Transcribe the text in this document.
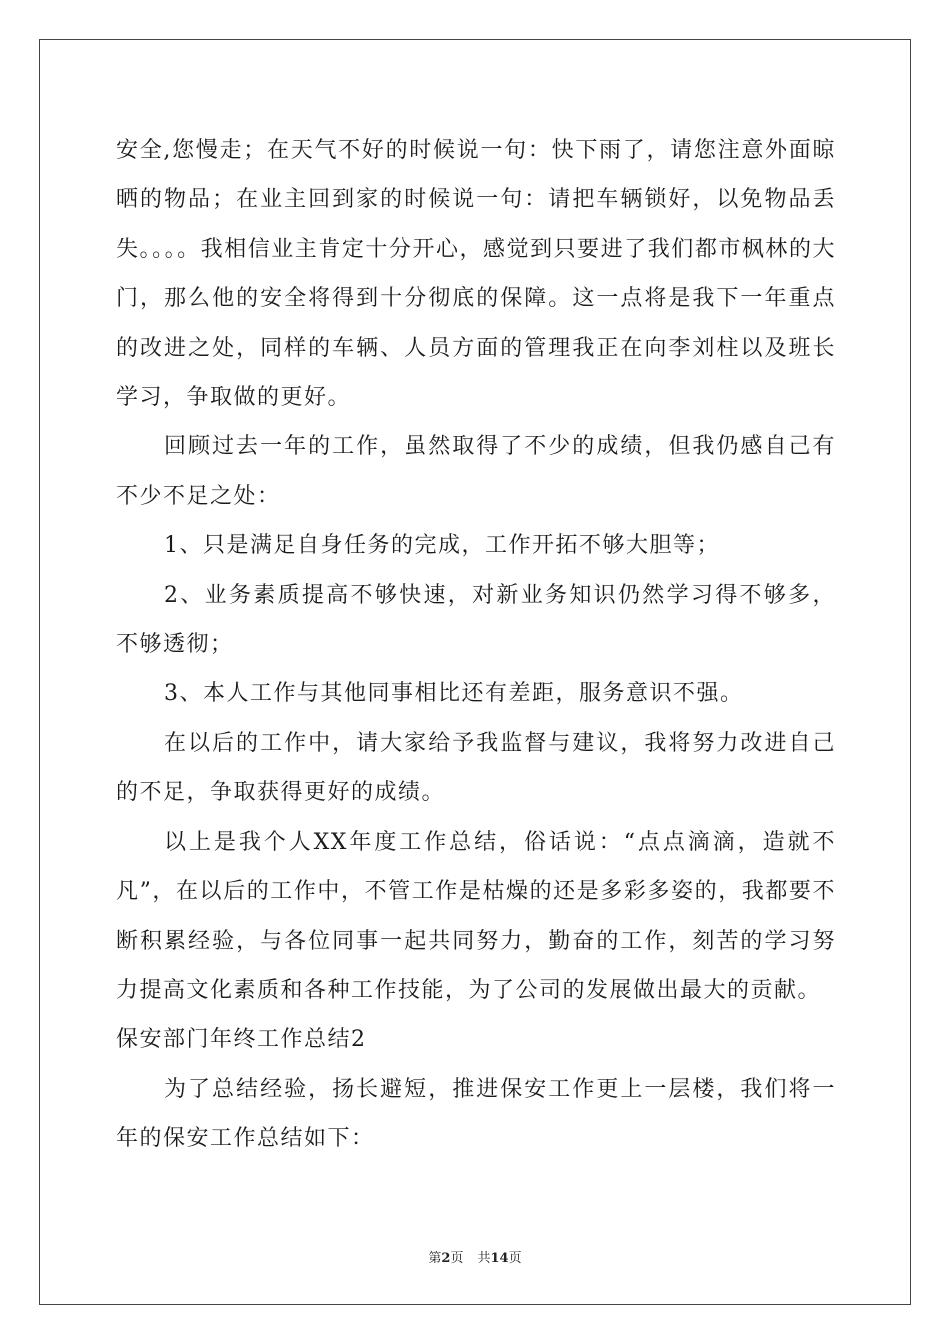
安全,您慢走；在天气不好的时候说一句：快下雨了，请您注意外面晾晒的物品；在业主回到家的时候说一句：请把车辆锁好，以免物品丢失。。。。我相信业主肯定十分开心，感觉到只要进了我们都市枫林的大门，那么他的安全将得到十分彻底的保障。这一点将是我下一年重点的改进之处，同样的车辆、人员方面的管理我正在向李刘柱以及班长学习，争取做的更好。

回顾过去一年的工作，虽然取得了不少的成绩，但我仍感自己有不少不足之处：

1、只是满足自身任务的完成，工作开拓不够大胆等；

2、业务素质提高不够快速，对新业务知识仍然学习得不够多，不够透彻；

3、本人工作与其他同事相比还有差距，服务意识不强。

在以后的工作中，请大家给予我监督与建议，我将努力改进自己的不足，争取获得更好的成绩。

以上是我个人XX年度工作总结，俗话说：“点点滴滴，造就不凡”，在以后的工作中，不管工作是枯燥的还是多彩多姿的，我都要不断积累经验，与各位同事一起共同努力，勤奋的工作，刻苦的学习努力提高文化素质和各种工作技能，为了公司的发展做出最大的贡献。

保安部门年终工作总结2

为了总结经验，扬长避短，推进保安工作更上一层楼，我们将一年的保安工作总结如下：

第2页 共14页
